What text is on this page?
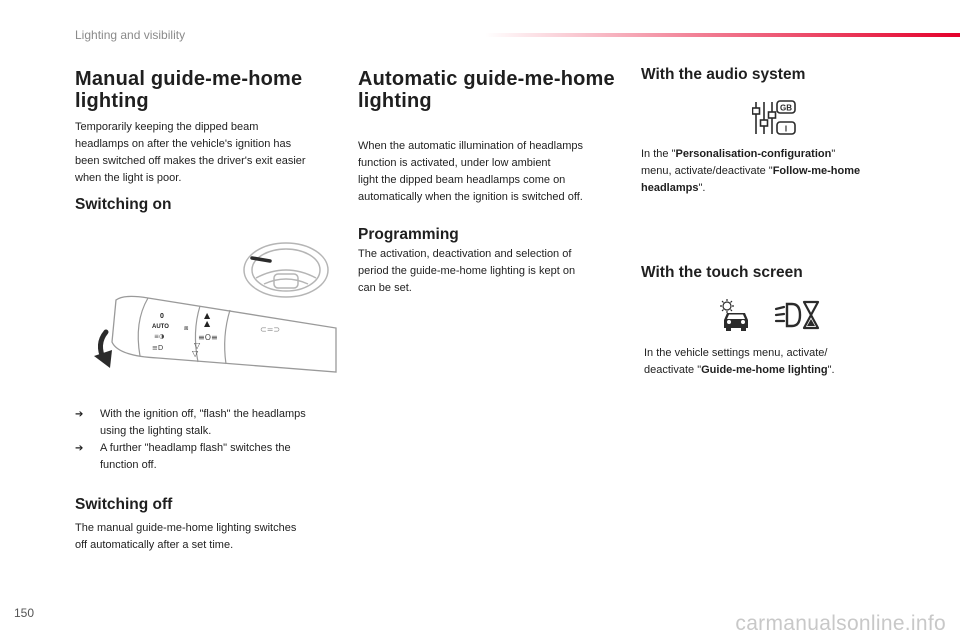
Lighting and visibility
Manual guide-me-home
lighting

Temporarily keeping the dipped beam
headlamps on after the vehicle's ignition has
been switched off makes the driver's exit easier
when the light is poor.

Switching on
0
AUTO
≡◑
≡D
⧈
▲
▲
≡O≡
▽
▽
⊂=⊃
➔ With the ignition off, "flash" the headlamps
using the lighting stalk.
➔ A further "headlamp flash" switches the
function off.
Switching off

The manual guide-me-home lighting switches
off automatically after a set time.

Automatic guide-me-home
lighting

When the automatic illumination of headlamps
function is activated, under low ambient
light the dipped beam headlamps come on
automatically when the ignition is switched off.

Programming

The activation, deactivation and selection of
period the guide-me-home lighting is kept on
can be set.

With the audio system
GB
I

In the "Personalisation-configuration"
menu, activate/deactivate "Follow-me-home
headlamps".

With the touch screen

In the vehicle settings menu, activate/
deactivate "Guide-me-home lighting".

150	carmanualsonline.info
